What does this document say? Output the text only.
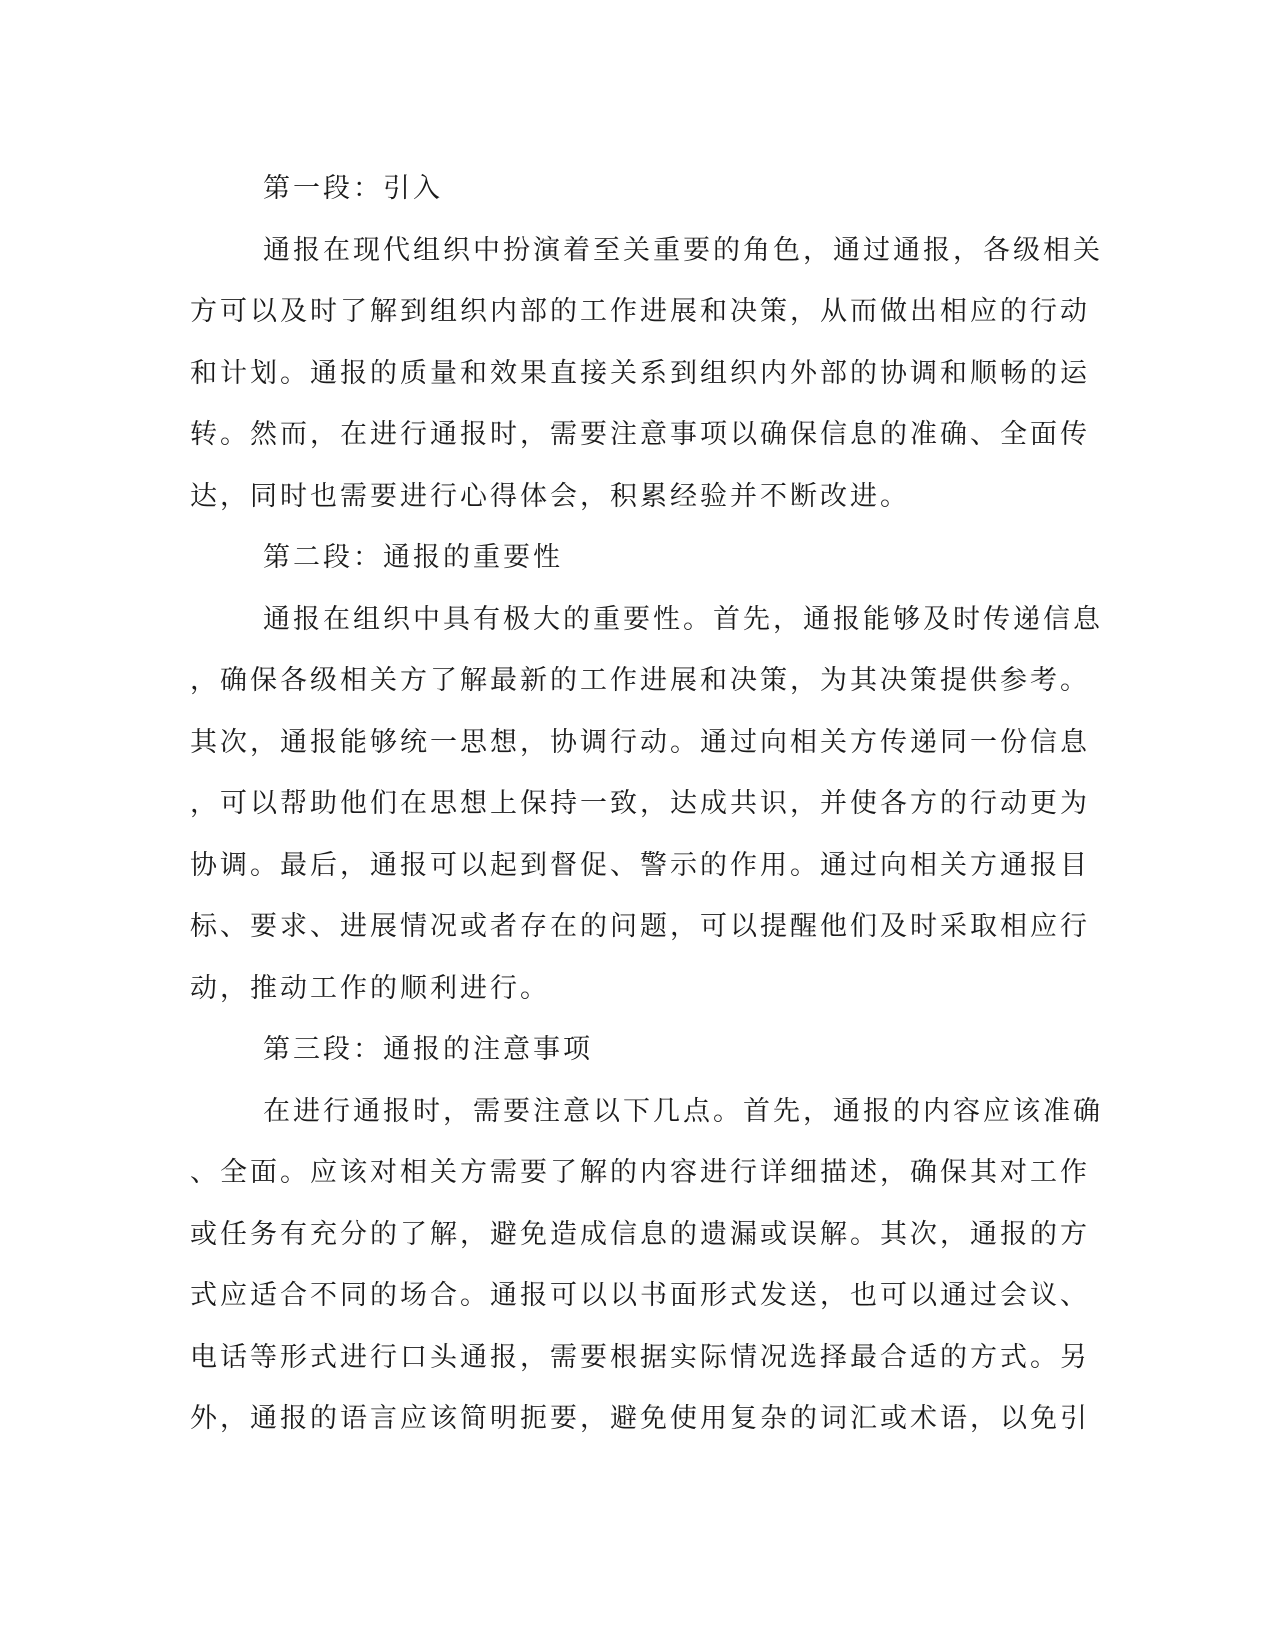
第一段：引入
通报在现代组织中扮演着至关重要的角色，通过通报，各级相关
方可以及时了解到组织内部的工作进展和决策，从而做出相应的行动
和计划。通报的质量和效果直接关系到组织内外部的协调和顺畅的运
转。然而，在进行通报时，需要注意事项以确保信息的准确、全面传
达，同时也需要进行心得体会，积累经验并不断改进。
第二段：通报的重要性
通报在组织中具有极大的重要性。首先，通报能够及时传递信息
，确保各级相关方了解最新的工作进展和决策，为其决策提供参考。
其次，通报能够统一思想，协调行动。通过向相关方传递同一份信息
，可以帮助他们在思想上保持一致，达成共识，并使各方的行动更为
协调。最后，通报可以起到督促、警示的作用。通过向相关方通报目
标、要求、进展情况或者存在的问题，可以提醒他们及时采取相应行
动，推动工作的顺利进行。
第三段：通报的注意事项
在进行通报时，需要注意以下几点。首先，通报的内容应该准确
、全面。应该对相关方需要了解的内容进行详细描述，确保其对工作
或任务有充分的了解，避免造成信息的遗漏或误解。其次，通报的方
式应适合不同的场合。通报可以以书面形式发送，也可以通过会议、
电话等形式进行口头通报，需要根据实际情况选择最合适的方式。另
外，通报的语言应该简明扼要，避免使用复杂的词汇或术语，以免引
